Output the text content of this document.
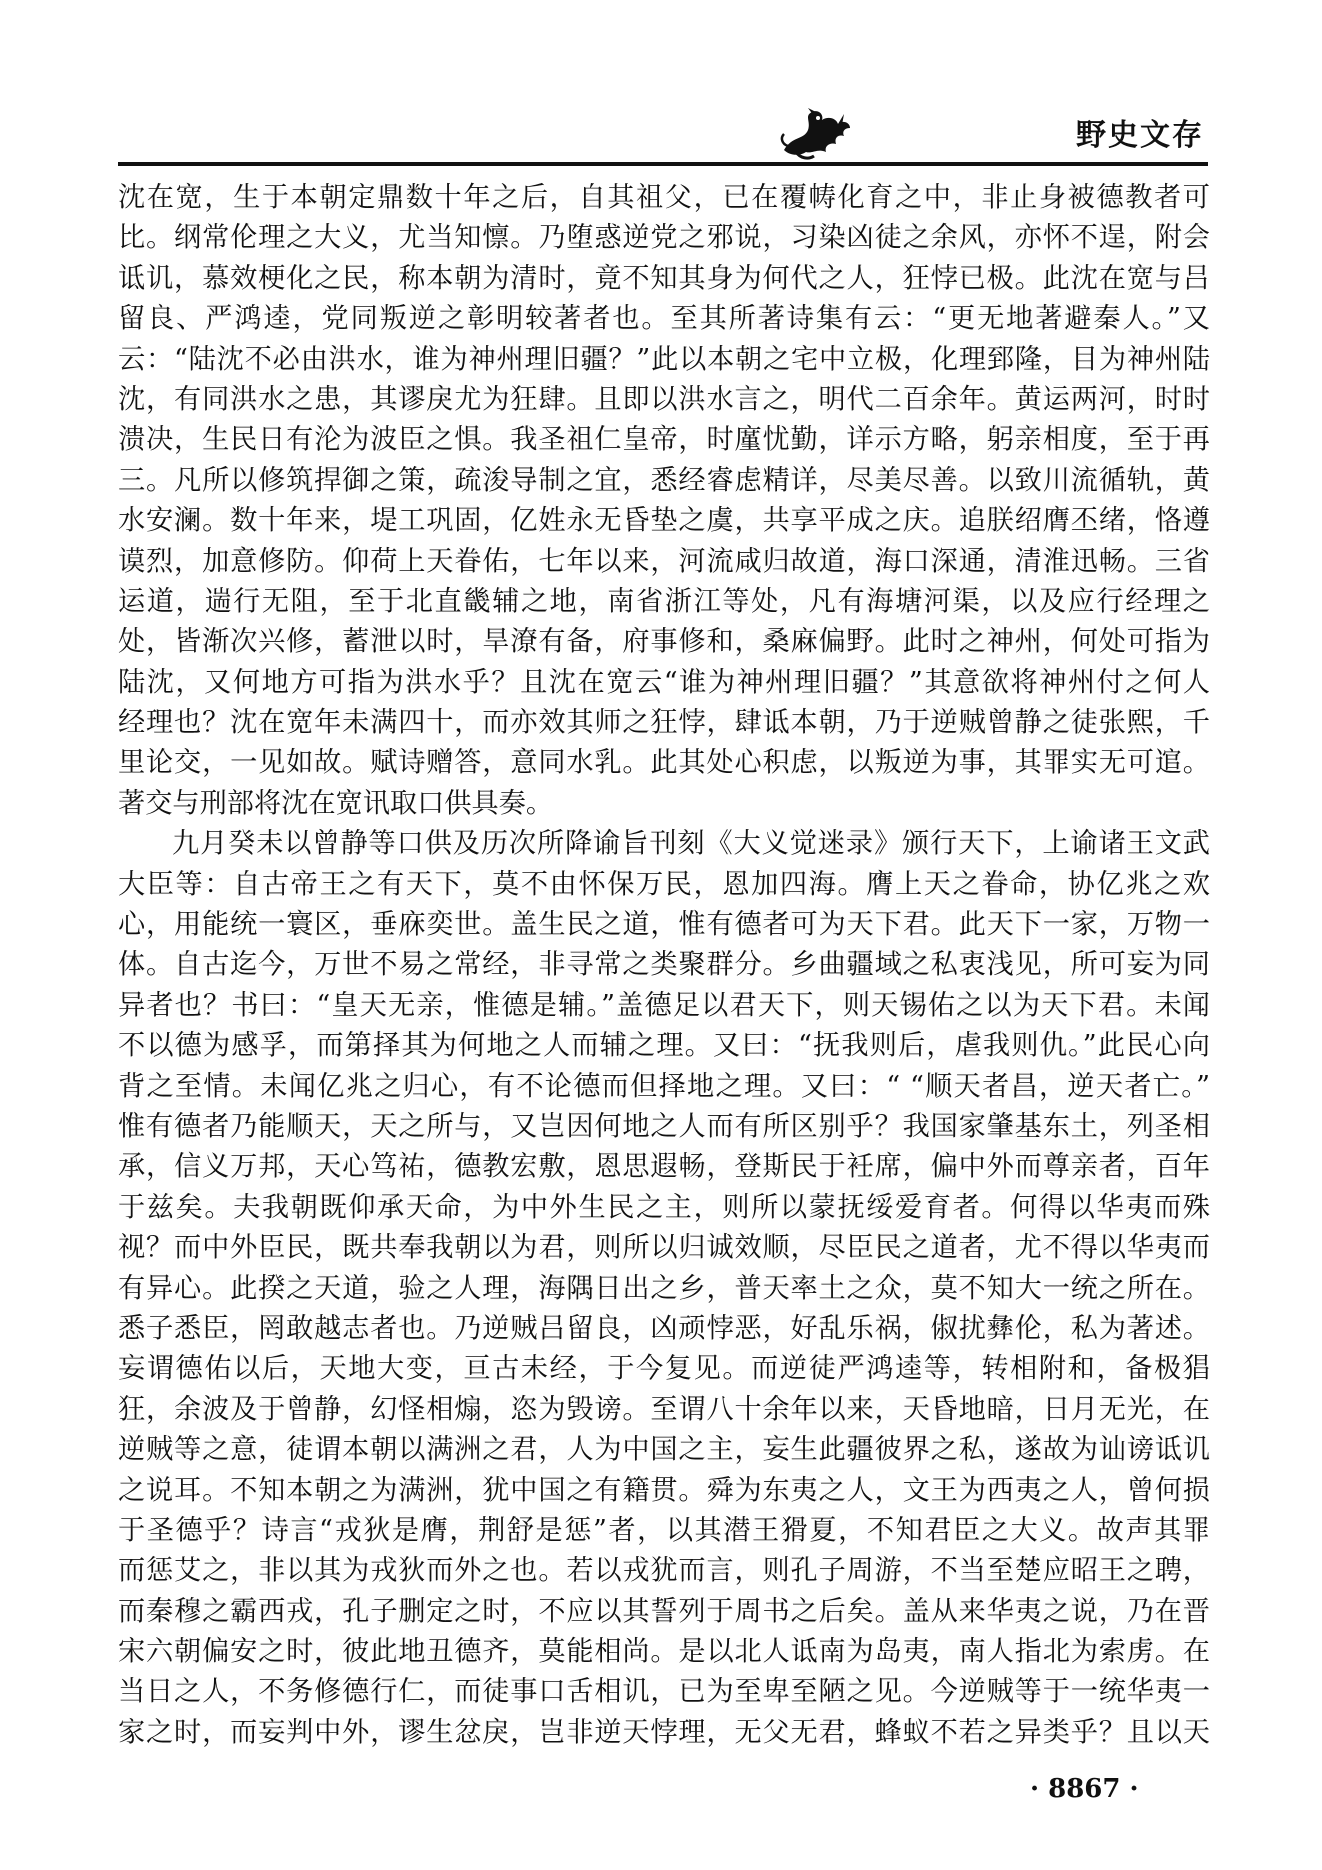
野史文存
沈在宽，生于本朝定鼎数十年之后，自其祖父，已在覆帱化育之中，非止身被德教者可
比。纲常伦理之大义，尤当知懔。乃堕惑逆党之邪说，习染凶徒之余风，亦怀不逞，附会
诋讥，慕效梗化之民，称本朝为清时，竟不知其身为何代之人，狂悖已极。此沈在宽与吕
留良、严鸿逵，党同叛逆之彰明较著者也。至其所著诗集有云：“更无地著避秦人。”又
云：“陆沈不必由洪水，谁为神州理旧疆？”此以本朝之宅中立极，化理郅隆，目为神州陆
沈，有同洪水之患，其谬戾尤为狂肆。且即以洪水言之，明代二百余年。黄运两河，时时
溃决，生民日有沦为波臣之惧。我圣祖仁皇帝，时廑忧勤，详示方略，躬亲相度，至于再
三。凡所以修筑捍御之策，疏浚导制之宜，悉经睿虑精详，尽美尽善。以致川流循轨，黄
水安澜。数十年来，堤工巩固，亿姓永无昏垫之虞，共享平成之庆。追朕绍膺丕绪，恪遵
谟烈，加意修防。仰荷上天眷佑，七年以来，河流咸归故道，海口深通，清淮迅畅。三省
运道，遄行无阻，至于北直畿辅之地，南省浙江等处，凡有海塘河渠，以及应行经理之
处，皆渐次兴修，蓄泄以时，旱潦有备，府事修和，桑麻偏野。此时之神州，何处可指为
陆沈，又何地方可指为洪水乎？且沈在宽云“谁为神州理旧疆？”其意欲将神州付之何人
经理也？沈在宽年未满四十，而亦效其师之狂悖，肆诋本朝，乃于逆贼曾静之徒张熙，千
里论交，一见如故。赋诗赠答，意同水乳。此其处心积虑，以叛逆为事，其罪实无可逭。
著交与刑部将沈在宽讯取口供具奏。
九月癸未以曾静等口供及历次所降谕旨刊刻《大义觉迷录》颁行天下，上谕诸王文武
大臣等：自古帝王之有天下，莫不由怀保万民，恩加四海。膺上天之眷命，协亿兆之欢
心，用能统一寰区，垂庥奕世。盖生民之道，惟有德者可为天下君。此天下一家，万物一
体。自古迄今，万世不易之常经，非寻常之类聚群分。乡曲疆域之私衷浅见，所可妄为同
异者也？书曰：“皇天无亲，惟德是辅。”盖德足以君天下，则天锡佑之以为天下君。未闻
不以德为感孚，而第择其为何地之人而辅之理。又曰：“抚我则后，虐我则仇。”此民心向
背之至情。未闻亿兆之归心，有不论德而但择地之理。又曰：“ “顺天者昌，逆天者亡。”
惟有德者乃能顺天，天之所与，又岂因何地之人而有所区别乎？我国家肇基东土，列圣相
承，信义万邦，天心笃祐，德教宏敷，恩思遐畅，登斯民于衽席，偏中外而尊亲者，百年
于兹矣。夫我朝既仰承天命，为中外生民之主，则所以蒙抚绥爱育者。何得以华夷而殊
视？而中外臣民，既共奉我朝以为君，则所以归诚效顺，尽臣民之道者，尤不得以华夷而
有异心。此揆之天道，验之人理，海隅日出之乡，普天率土之众，莫不知大一统之所在。
悉子悉臣，罔敢越志者也。乃逆贼吕留良，凶顽悖恶，好乱乐祸，俶扰彝伦，私为著述。
妄谓德佑以后，天地大变，亘古未经，于今复见。而逆徒严鸿逵等，转相附和，备极猖
狂，余波及于曾静，幻怪相煽，恣为毁谤。至谓八十余年以来，天昏地暗，日月无光，在
逆贼等之意，徒谓本朝以满洲之君，人为中国之主，妄生此疆彼界之私，遂故为讪谤诋讥
之说耳。不知本朝之为满洲，犹中国之有籍贯。舜为东夷之人，文王为西夷之人，曾何损
于圣德乎？诗言“戎狄是膺，荆舒是惩”者，以其潜王猾夏，不知君臣之大义。故声其罪
而惩艾之，非以其为戎狄而外之也。若以戎犹而言，则孔子周游，不当至楚应昭王之聘，
而秦穆之霸西戎，孔子删定之时，不应以其誓列于周书之后矣。盖从来华夷之说，乃在晋
宋六朝偏安之时，彼此地丑德齐，莫能相尚。是以北人诋南为岛夷，南人指北为索虏。在
当日之人，不务修德行仁，而徒事口舌相讥，已为至卑至陋之见。今逆贼等于一统华夷一
家之时，而妄判中外，谬生忿戾，岂非逆天悖理，无父无君，蜂蚁不若之异类乎？且以天
· 8867 ·
